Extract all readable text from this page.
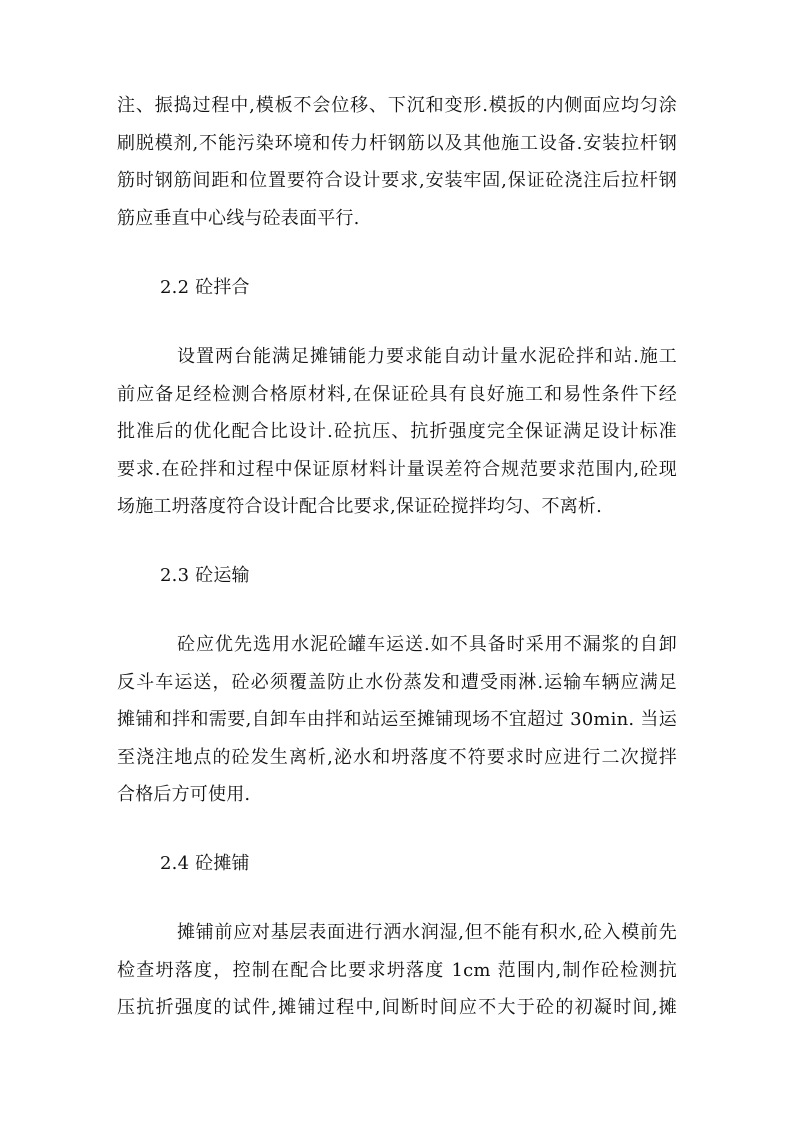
注、振捣过程中,模板不会位移、下沉和变形.模扳的内侧面应均匀涂
刷脱模剂,不能污染环境和传力杆钢筋以及其他施工设备.安装拉杆钢
筋时钢筋间距和位置要符合设计要求,安装牢固,保证砼浇注后拉杆钢
筋应垂直中心线与砼表面平行.
2.2 砼拌合
设置两台能满足摊铺能力要求能自动计量水泥砼拌和站.施工
前应备足经检测合格原材料,在保证砼具有良好施工和易性条件下经
批准后的优化配合比设计.砼抗压、抗折强度完全保证满足设计标准
要求.在砼拌和过程中保证原材料计量误差符合规范要求范围内,砼现
场施工坍落度符合设计配合比要求,保证砼搅拌均匀、不离析.
2.3 砼运输
砼应优先选用水泥砼罐车运送.如不具备时采用不漏浆的自卸
反斗车运送，砼必须覆盖防止水份蒸发和遭受雨淋.运输车辆应满足
摊铺和拌和需要,自卸车由拌和站运至摊铺现场不宜超过 30min. 当运
至浇注地点的砼发生离析,泌水和坍落度不符要求时应进行二次搅拌
合格后方可使用.
2.4 砼摊铺
摊铺前应对基层表面进行洒水润湿,但不能有积水,砼入模前先
检查坍落度，控制在配合比要求坍落度 1cm 范围内,制作砼检测抗
压抗折强度的试件,摊铺过程中,间断时间应不大于砼的初凝时间,摊
